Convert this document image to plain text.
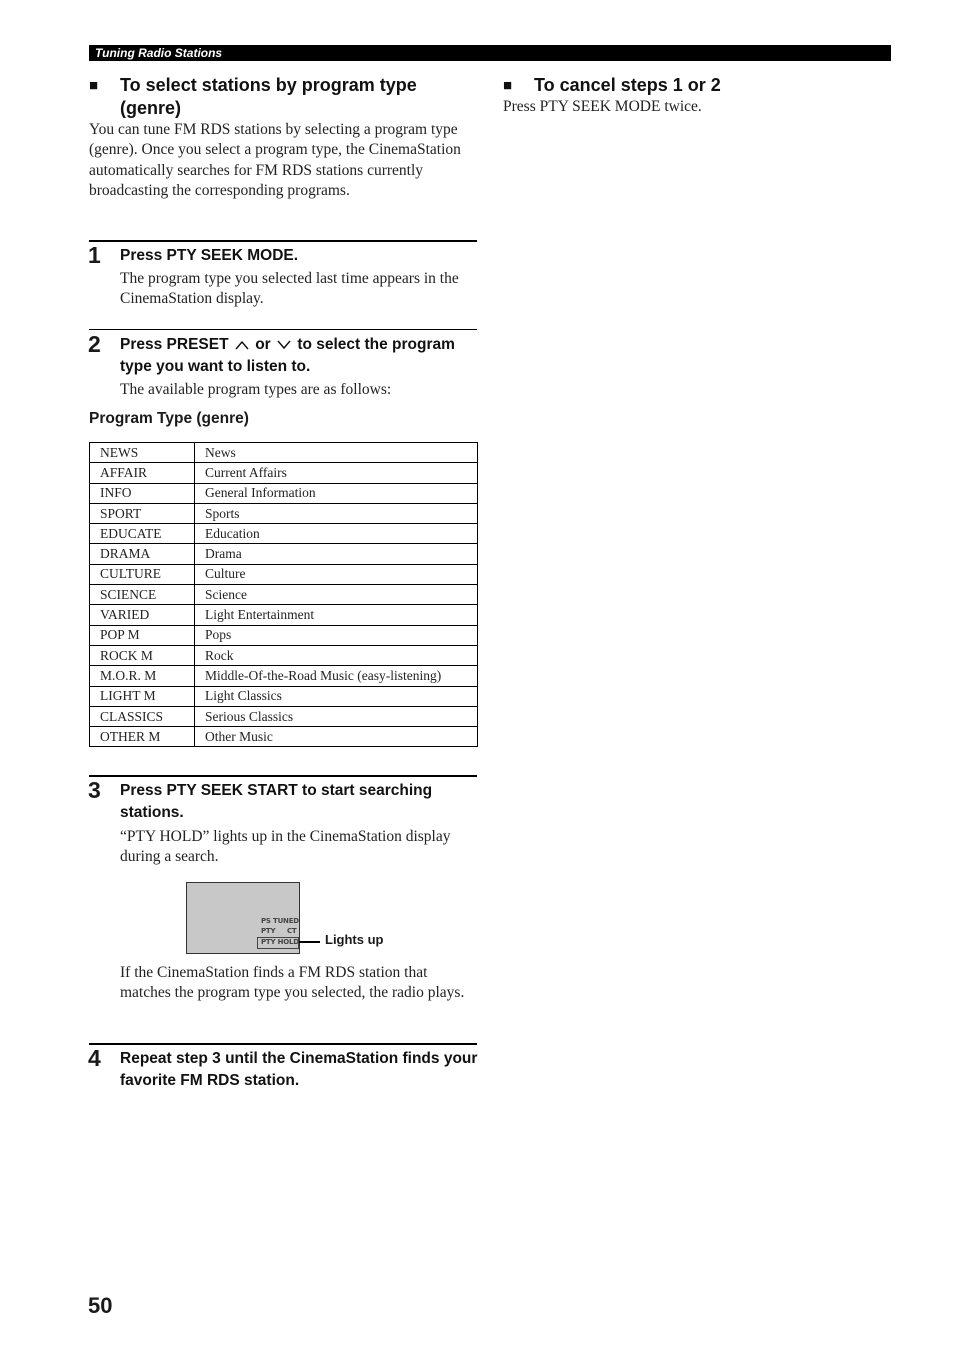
Tuning Radio Stations
■ To select stations by program type (genre)
You can tune FM RDS stations by selecting a program type (genre). Once you select a program type, the CinemaStation automatically searches for FM RDS stations currently broadcasting the corresponding programs.
1 Press PTY SEEK MODE.
The program type you selected last time appears in the CinemaStation display.
2 Press PRESET or to select the program type you want to listen to.
The available program types are as follows:
Program Type (genre)
NEWS	News
AFFAIR	Current Affairs
INFO	General Information
SPORT	Sports
EDUCATE	Education
DRAMA	Drama
CULTURE	Culture
SCIENCE	Science
VARIED	Light Entertainment
POP M	Pops
ROCK M	Rock
M.O.R. M	Middle-Of-the-Road Music (easy-listening)
LIGHT M	Light Classics
CLASSICS	Serious Classics
OTHER M	Other Music
3 Press PTY SEEK START to start searching stations.
“PTY HOLD” lights up in the CinemaStation display during a search.
PS TUNED
PTY CT
PTY HOLD Lights up
If the CinemaStation finds a FM RDS station that matches the program type you selected, the radio plays.
4 Repeat step 3 until the CinemaStation finds your favorite FM RDS station.
■ To cancel steps 1 or 2
Press PTY SEEK MODE twice.
50
